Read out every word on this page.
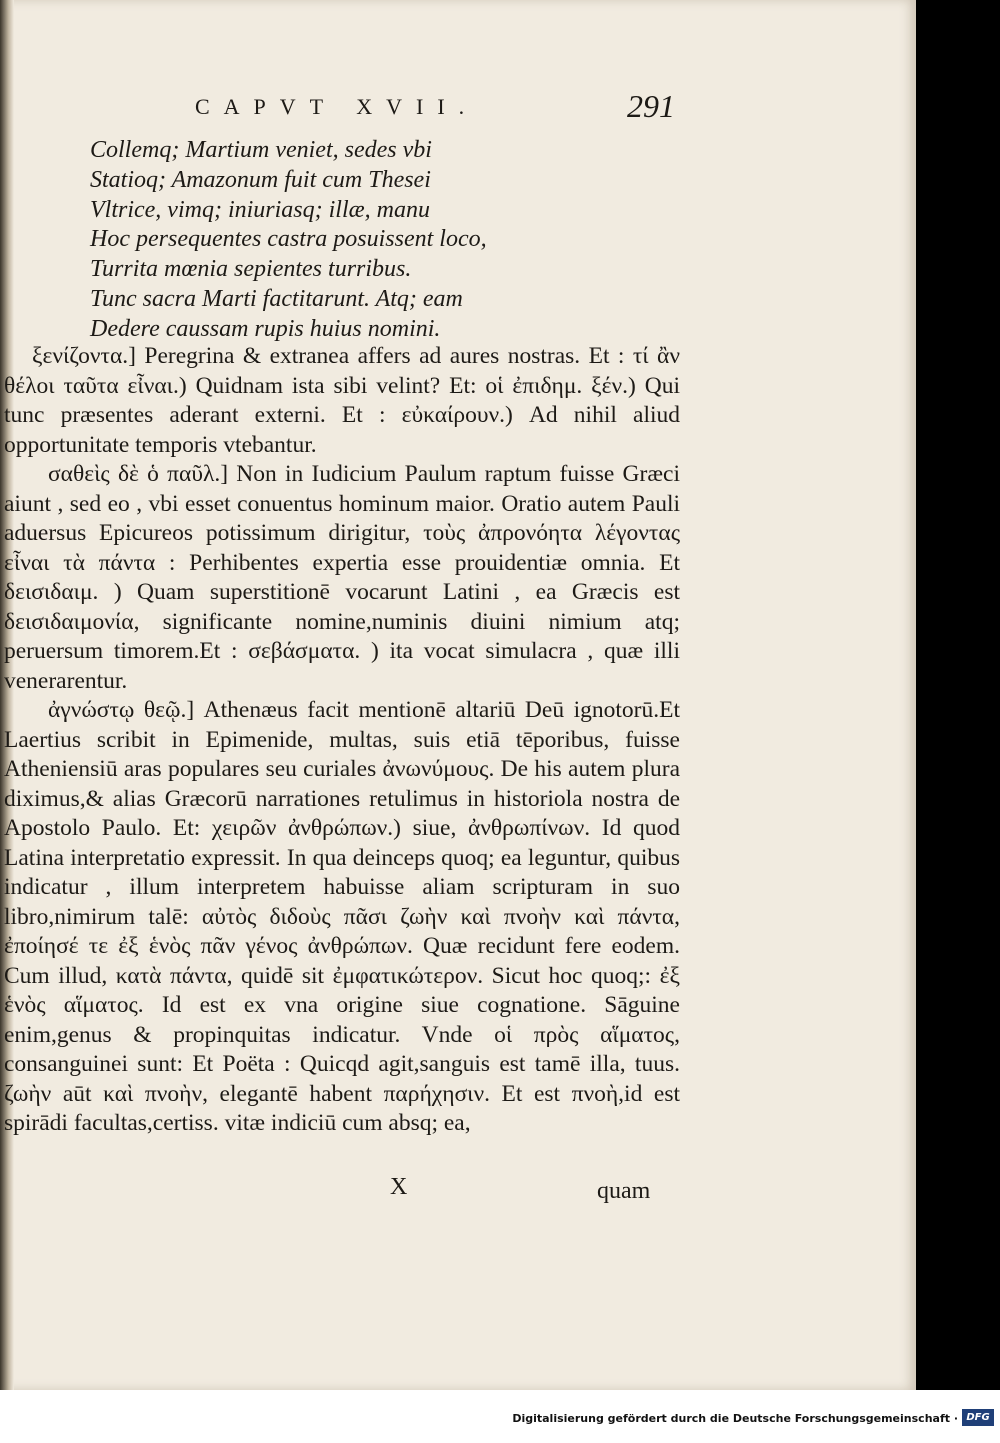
CAPVT XVII.	291
Collemq; Martium veniet, sedes vbi
Statioq; Amazonum fuit cum Thesei
Vltrice, vimq; iniuriasq; illæ, manu
Hoc persequentes castra posuissent loco,
Turrita mœnia sepientes turribus.
Tunc sacra Marti factitarunt. Atq; eam
Dedere caussam rupis huius nomini.

ξενίζοντα.] Peregrina & extranea affers ad aures nostras. Et : τί ἂν θέλοι ταῦτα εἶναι.) Quidnam ista sibi velint? Et: οἱ ἐπιδημ. ξέν.) Qui tunc præsentes aderant externi. Et : εὐκαίρουν.) Ad nihil aliud opportunitate temporis vtebantur.

σαθεὶς δὲ ὁ παῦλ.] Non in Iudicium Paulum raptum fuisse Græci aiunt , sed eo , vbi esset conuentus hominum maior. Oratio autem Pauli aduersus Epicureos potissimum dirigitur, τοὺς ἀπρονόητα λέγοντας εἶναι τὰ πάντα : Perhibentes expertia esse prouidentiæ omnia. Et δεισιδαιμ. ) Quam superstitionē vocarunt Latini , ea Græcis est δεισιδαιμονία, significante nomine,numinis diuini nimium atq; peruersum timorem.Et : σεβάσματα. ) ita vocat simulacra , quæ illi venerarentur.

ἀγνώστῳ θεῷ.] Athenæus facit mentionē altariū Deū ignotorū.Et Laertius scribit in Epimenide, multas, suis etiā tēporibus, fuisse Atheniensiū aras populares seu curiales ἀνωνύμους. De his autem plura diximus,& alias Græcorū narrationes retulimus in historiola nostra de Apostolo Paulo. Et: χειρῶν ἀνθρώπων.) siue, ἀνθρωπίνων. Id quod Latina interpretatio expressit. In qua deinceps quoq; ea leguntur, quibus indicatur , illum interpretem habuisse aliam scripturam in suo libro,nimirum talē: αὐτὸς διδοὺς πᾶσι ζωὴν καὶ πνοὴν καὶ πάντα, ἐποίησέ τε ἐξ ἑνὸς πᾶν γένος ἀνθρώπων. Quæ recidunt fere eodem. Cum illud, κατὰ πάντα, quidē sit ἐμφατικώτερον. Sicut hoc quoq;: ἐξ ἑνὸς αἵματος. Id est ex vna origine siue cognatione. Sāguine enim,genus & propinquitas indicatur. Vnde οἱ πρὸς αἵματος, consanguinei sunt: Et Poëta : Quicqd agit,sanguis est tamē illa, tuus. ζωὴν aūt καὶ πνοὴν, elegantē habent παρήχησιν. Et est πνοὴ,id est spirādi facultas,certiss. vitæ indiciū cum absq; ea,

X	quam
Digitalisierung gefördert durch die Deutsche Forschungsgemeinschaft · DFG
